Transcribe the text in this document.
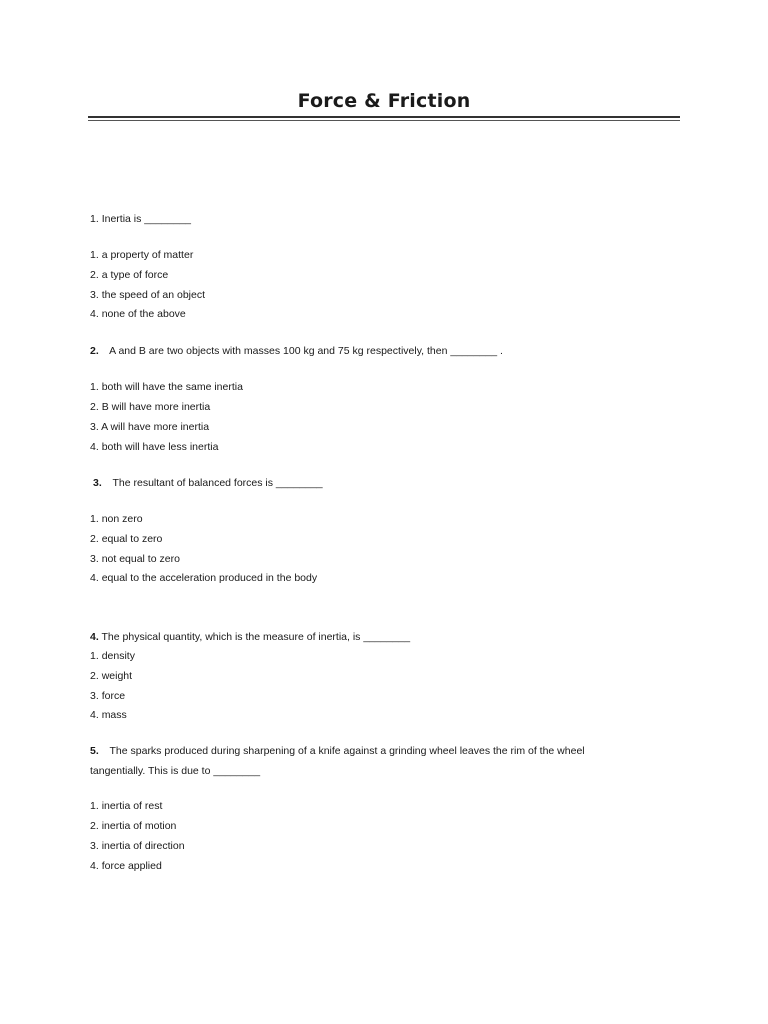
Force & Friction
1. Inertia is ________
1. a property of matter
2. a type of force
3. the speed of an object
4. none of the above
2. A and B are two objects with masses 100 kg and 75 kg respectively, then ________ .
1. both will have the same inertia
2. B will have more inertia
3. A will have more inertia
4. both will have less inertia
3. The resultant of balanced forces is ________
1. non zero
2. equal to zero
3. not equal to zero
4. equal to the acceleration produced in the body
4. The physical quantity, which is the measure of inertia, is ________
1. density
2. weight
3. force
4. mass
5. The sparks produced during sharpening of a knife against a grinding wheel leaves the rim of the wheel
tangentially. This is due to ________
1. inertia of rest
2. inertia of motion
3. inertia of direction
4. force applied
